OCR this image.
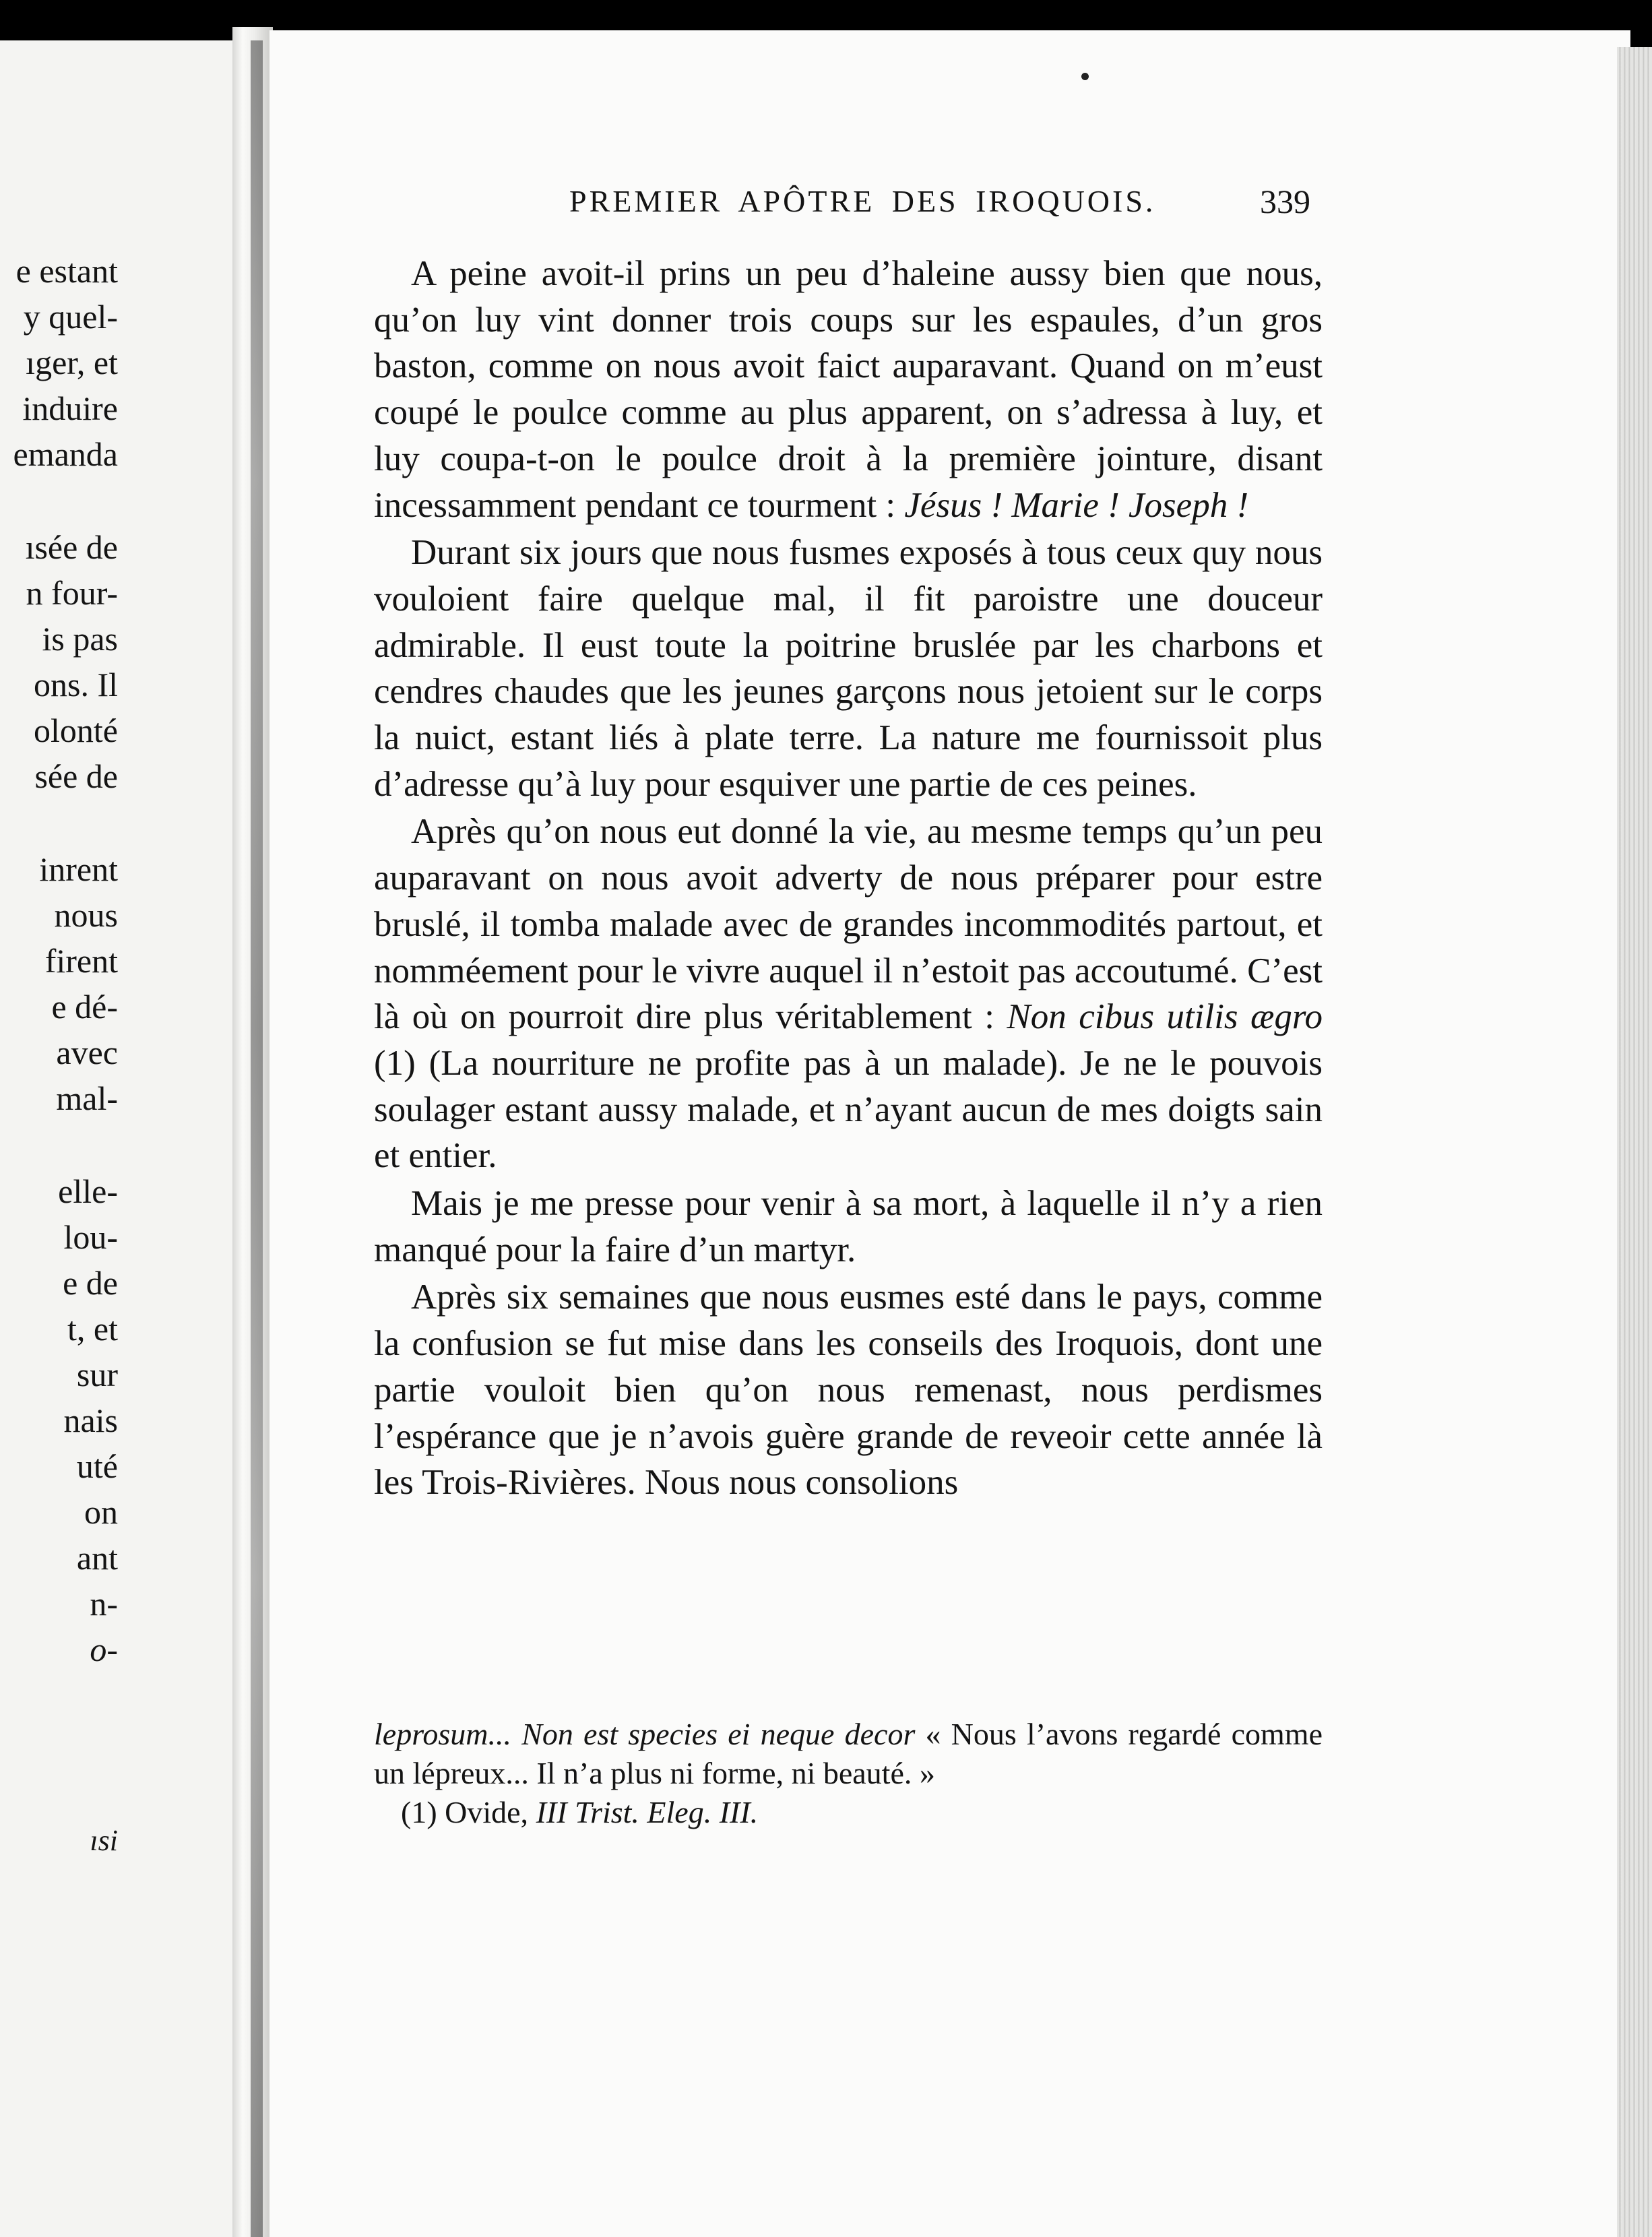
e estant
y quel-
ıger, et
induire
emanda
ısée de
n four-
is pas
ons. Il
olonté
sée de
inrent
nous
firent
e dé-
avec
mal-
elle-
lou-
e de
t, et
sur
nais
uté
on
ant
n-
o-
ısi
PREMIER APÔTRE DES IROQUOIS.	339

A peine avoit-il prins un peu d’haleine aussy bien que nous, qu’on luy vint donner trois coups sur les espaules, d’un gros baston, comme on nous avoit faict auparavant. Quand on m’eust coupé le poulce comme au plus apparent, on s’adressa à luy, et luy coupa-t-on le poulce droit à la première jointure, disant incessamment pendant ce tourment : Jésus ! Marie ! Joseph !

Durant six jours que nous fusmes exposés à tous ceux quy nous vouloient faire quelque mal, il fit paroistre une douceur admirable. Il eust toute la poitrine bruslée par les charbons et cendres chaudes que les jeunes garçons nous jetoient sur le corps la nuict, estant liés à plate terre. La nature me fournissoit plus d’adresse qu’à luy pour esquiver une partie de ces peines.

Après qu’on nous eut donné la vie, au mesme temps qu’un peu auparavant on nous avoit adverty de nous préparer pour estre bruslé, il tomba malade avec de grandes incommodités partout, et nomméement pour le vivre auquel il n’estoit pas accoutumé. C’est là où on pourroit dire plus véritablement : Non cibus utilis ægro (1) (La nourriture ne profite pas à un malade). Je ne le pouvois soulager estant aussy malade, et n’ayant aucun de mes doigts sain et entier.

Mais je me presse pour venir à sa mort, à laquelle il n’y a rien manqué pour la faire d’un martyr.

Après six semaines que nous eusmes esté dans le pays, comme la confusion se fut mise dans les conseils des Iroquois, dont une partie vouloit bien qu’on nous remenast, nous perdismes l’espérance que je n’avois guère grande de reveoir cette année là les Trois-Rivières. Nous nous consolions

leprosum... Non est species ei neque decor « Nous l’avons regardé comme un lépreux... Il n’a plus ni forme, ni beauté. »

(1) Ovide, III Trist. Eleg. III.
